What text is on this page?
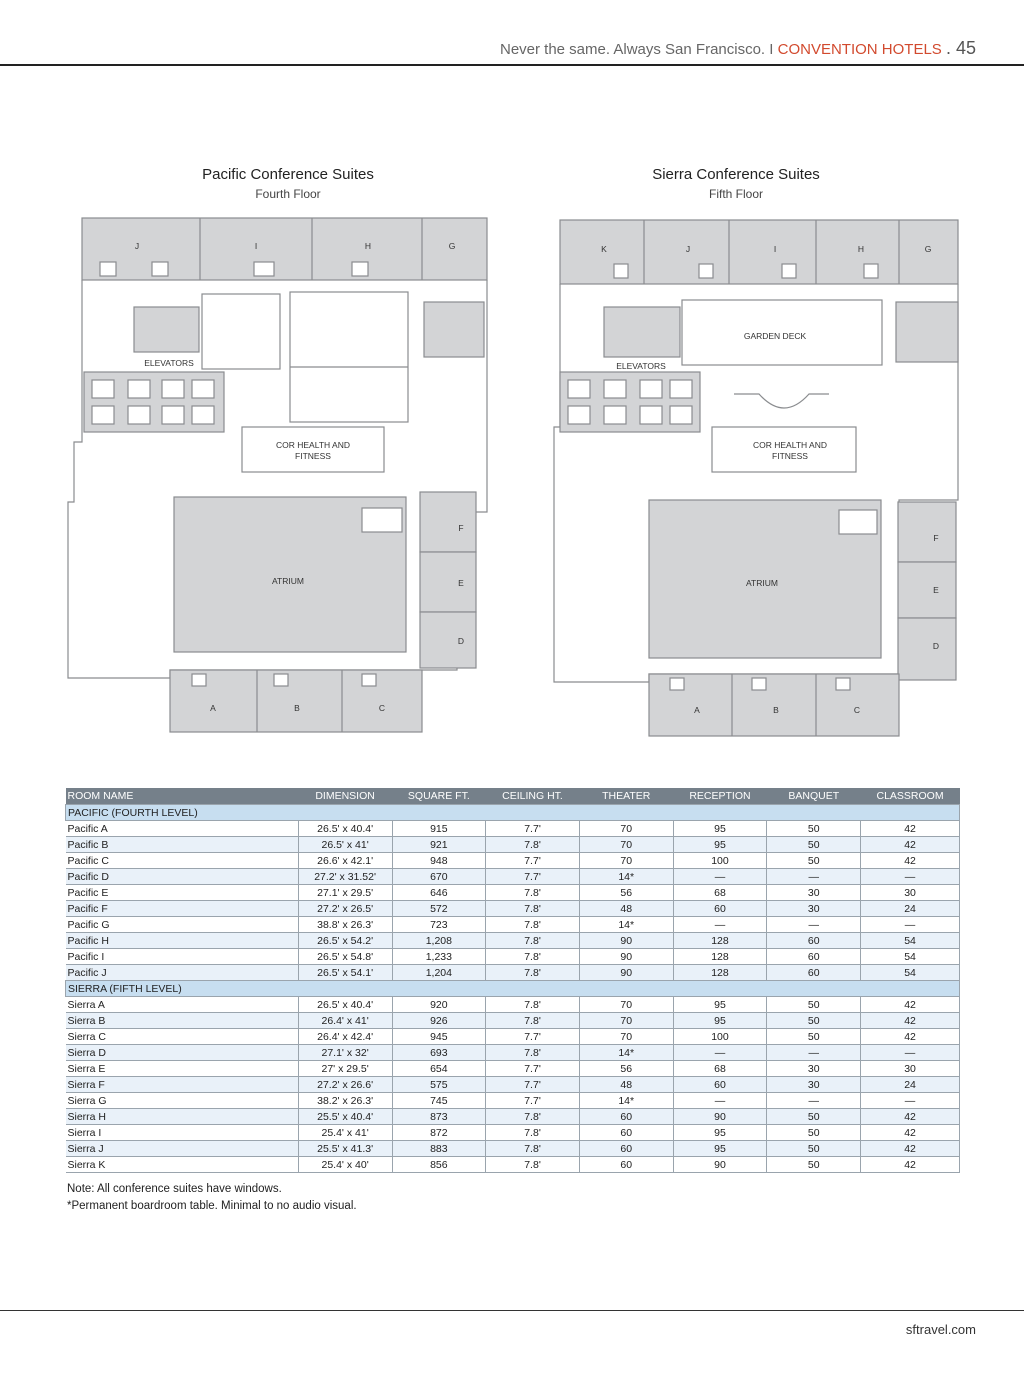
Never the same. Always San Francisco. I CONVENTION HOTELS . 45
Pacific Conference Suites
Fourth Floor
J	I	H	G
ELEVATORS
COR HEALTH AND
FITNESS
ATRIUM
F
E
D
A	B	C
Sierra Conference Suites
Fifth Floor
K	J	I	H	G
GARDEN DECK
ELEVATORS
COR HEALTH AND
FITNESS
ATRIUM
F
E
D
A	B	C
ROOM NAME	DIMENSION	SQUARE FT.	CEILING HT.	THEATER	RECEPTION	BANQUET	CLASSROOM
PACIFIC (FOURTH LEVEL)							
Pacific A	26.5' x 40.4'	915	7.7'	70	95	50	42
Pacific B	26.5' x 41'	921	7.8'	70	95	50	42
Pacific C	26.6' x 42.1'	948	7.7'	70	100	50	42
Pacific D	27.2' x 31.52'	670	7.7'	14*	—	—	—
Pacific E	27.1' x 29.5'	646	7.8'	56	68	30	30
Pacific F	27.2' x 26.5'	572	7.8'	48	60	30	24
Pacific G	38.8' x 26.3'	723	7.8'	14*	—	—	—
Pacific H	26.5' x 54.2'	1,208	7.8'	90	128	60	54
Pacific I	26.5' x 54.8'	1,233	7.8'	90	128	60	54
Pacific J	26.5' x 54.1'	1,204	7.8'	90	128	60	54
SIERRA (FIFTH LEVEL)							
Sierra A	26.5' x 40.4'	920	7.8'	70	95	50	42
Sierra B	26.4' x 41'	926	7.8'	70	95	50	42
Sierra C	26.4' x 42.4'	945	7.7'	70	100	50	42
Sierra D	27.1' x 32'	693	7.8'	14*	—	—	—
Sierra E	27' x 29.5'	654	7.7'	56	68	30	30
Sierra F	27.2' x 26.6'	575	7.7'	48	60	30	24
Sierra G	38.2' x 26.3'	745	7.7'	14*	—	—	—
Sierra H	25.5' x 40.4'	873	7.8'	60	90	50	42
Sierra I	25.4' x 41'	872	7.8'	60	95	50	42
Sierra J	25.5' x 41.3'	883	7.8'	60	95	50	42
Sierra K	25.4' x 40'	856	7.8'	60	90	50	42
Note: All conference suites have windows.
*Permanent boardroom table. Minimal to no audio visual.
sftravel.com
